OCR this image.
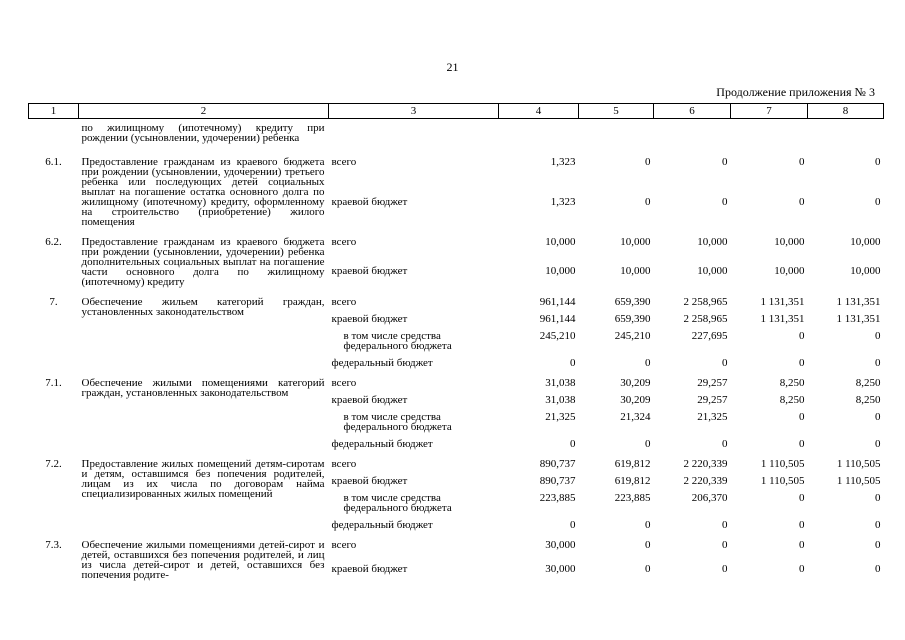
21
Продолжение приложения № 3
1	2	3	4	5	6	7	8
	по жилищному (ипотечному) кредиту при рождении (усыновлении, удочерении) ребенка						
6.1.	Предоставление гражданам из краевого бюджета при рождении (усыновлении, удочерении) третьего ребенка или последующих детей социальных выплат на погашение остатка основного долга по жилищному (ипотечному) кредиту, оформленному на строительство (приобретение) жилого помещения	всего	1,323	0	0	0	0
		краевой бюджет	1,323	0	0	0	0
6.2.	Предоставление гражданам из краевого бюджета при рождении (усыновлении, удочерении) ребенка дополнительных социальных выплат на погашение части основного долга по жилищному (ипотечному) кредиту	всего	10,000	10,000	10,000	10,000	10,000
		краевой бюджет	10,000	10,000	10,000	10,000	10,000
7.	Обеспечение жильем категорий граждан, установленных законодательством	всего	961,144	659,390	2 258,965	1 131,351	1 131,351
		краевой бюджет	961,144	659,390	2 258,965	1 131,351	1 131,351
		в том числе средства федерального бюджета	245,210	245,210	227,695	0	0
		федеральный бюджет	0	0	0	0	0
7.1.	Обеспечение жилыми помещениями категорий граждан, установленных законодательством	всего	31,038	30,209	29,257	8,250	8,250
		краевой бюджет	31,038	30,209	29,257	8,250	8,250
		в том числе средства федерального бюджета	21,325	21,324	21,325	0	0
		федеральный бюджет	0	0	0	0	0
7.2.	Предоставление жилых помещений детям-сиротам и детям, оставшимся без попечения родителей, лицам из их числа по договорам найма специализированных жилых помещений	всего	890,737	619,812	2 220,339	1 110,505	1 110,505
		краевой бюджет	890,737	619,812	2 220,339	1 110,505	1 110,505
		в том числе средства федерального бюджета	223,885	223,885	206,370	0	0
		федеральный бюджет	0	0	0	0	0
7.3.	Обеспечение жилыми помещениями детей-сирот и детей, оставшихся без попечения родителей, и лиц из числа детей-сирот и детей, оставшихся без попечения родите-	всего	30,000	0	0	0	0
		краевой бюджет	30,000	0	0	0	0
